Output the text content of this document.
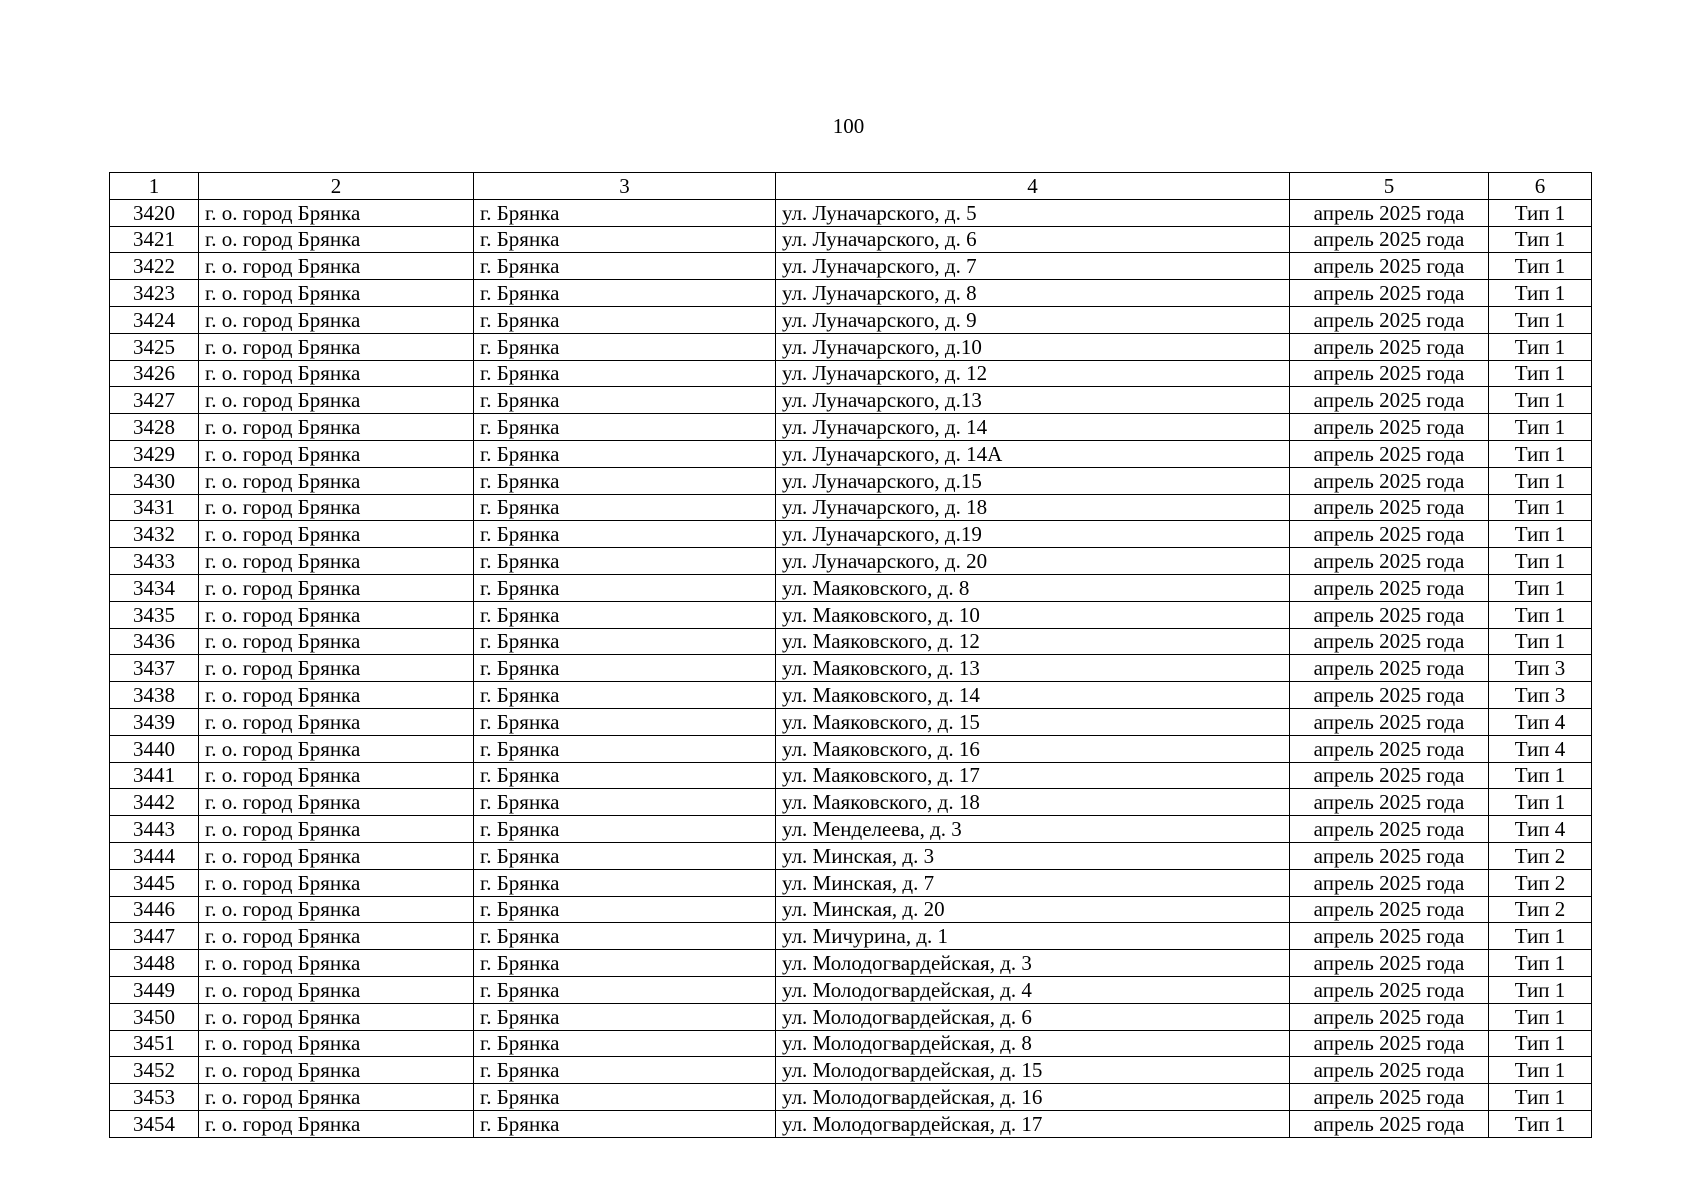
100
1	2	3	4	5	6
3420	г. о. город Брянка	г. Брянка	ул. Луначарского, д. 5	апрель 2025 года	Тип 1
3421	г. о. город Брянка	г. Брянка	ул. Луначарского, д. 6	апрель 2025 года	Тип 1
3422	г. о. город Брянка	г. Брянка	ул. Луначарского, д. 7	апрель 2025 года	Тип 1
3423	г. о. город Брянка	г. Брянка	ул. Луначарского, д. 8	апрель 2025 года	Тип 1
3424	г. о. город Брянка	г. Брянка	ул. Луначарского, д. 9	апрель 2025 года	Тип 1
3425	г. о. город Брянка	г. Брянка	ул. Луначарского, д.10	апрель 2025 года	Тип 1
3426	г. о. город Брянка	г. Брянка	ул. Луначарского, д. 12	апрель 2025 года	Тип 1
3427	г. о. город Брянка	г. Брянка	ул. Луначарского, д.13	апрель 2025 года	Тип 1
3428	г. о. город Брянка	г. Брянка	ул. Луначарского, д. 14	апрель 2025 года	Тип 1
3429	г. о. город Брянка	г. Брянка	ул. Луначарского, д. 14А	апрель 2025 года	Тип 1
3430	г. о. город Брянка	г. Брянка	ул. Луначарского, д.15	апрель 2025 года	Тип 1
3431	г. о. город Брянка	г. Брянка	ул. Луначарского, д. 18	апрель 2025 года	Тип 1
3432	г. о. город Брянка	г. Брянка	ул. Луначарского, д.19	апрель 2025 года	Тип 1
3433	г. о. город Брянка	г. Брянка	ул. Луначарского, д. 20	апрель 2025 года	Тип 1
3434	г. о. город Брянка	г. Брянка	ул. Маяковского, д. 8	апрель 2025 года	Тип 1
3435	г. о. город Брянка	г. Брянка	ул. Маяковского, д. 10	апрель 2025 года	Тип 1
3436	г. о. город Брянка	г. Брянка	ул. Маяковского, д. 12	апрель 2025 года	Тип 1
3437	г. о. город Брянка	г. Брянка	ул. Маяковского, д. 13	апрель 2025 года	Тип 3
3438	г. о. город Брянка	г. Брянка	ул. Маяковского, д. 14	апрель 2025 года	Тип 3
3439	г. о. город Брянка	г. Брянка	ул. Маяковского, д. 15	апрель 2025 года	Тип 4
3440	г. о. город Брянка	г. Брянка	ул. Маяковского, д. 16	апрель 2025 года	Тип 4
3441	г. о. город Брянка	г. Брянка	ул. Маяковского, д. 17	апрель 2025 года	Тип 1
3442	г. о. город Брянка	г. Брянка	ул. Маяковского, д. 18	апрель 2025 года	Тип 1
3443	г. о. город Брянка	г. Брянка	ул. Менделеева, д. 3	апрель 2025 года	Тип 4
3444	г. о. город Брянка	г. Брянка	ул. Минская, д. 3	апрель 2025 года	Тип 2
3445	г. о. город Брянка	г. Брянка	ул. Минская, д. 7	апрель 2025 года	Тип 2
3446	г. о. город Брянка	г. Брянка	ул. Минская, д. 20	апрель 2025 года	Тип 2
3447	г. о. город Брянка	г. Брянка	ул. Мичурина, д. 1	апрель 2025 года	Тип 1
3448	г. о. город Брянка	г. Брянка	ул. Молодогвардейская, д. 3	апрель 2025 года	Тип 1
3449	г. о. город Брянка	г. Брянка	ул. Молодогвардейская, д. 4	апрель 2025 года	Тип 1
3450	г. о. город Брянка	г. Брянка	ул. Молодогвардейская, д. 6	апрель 2025 года	Тип 1
3451	г. о. город Брянка	г. Брянка	ул. Молодогвардейская, д. 8	апрель 2025 года	Тип 1
3452	г. о. город Брянка	г. Брянка	ул. Молодогвардейская, д. 15	апрель 2025 года	Тип 1
3453	г. о. город Брянка	г. Брянка	ул. Молодогвардейская, д. 16	апрель 2025 года	Тип 1
3454	г. о. город Брянка	г. Брянка	ул. Молодогвардейская, д. 17	апрель 2025 года	Тип 1
